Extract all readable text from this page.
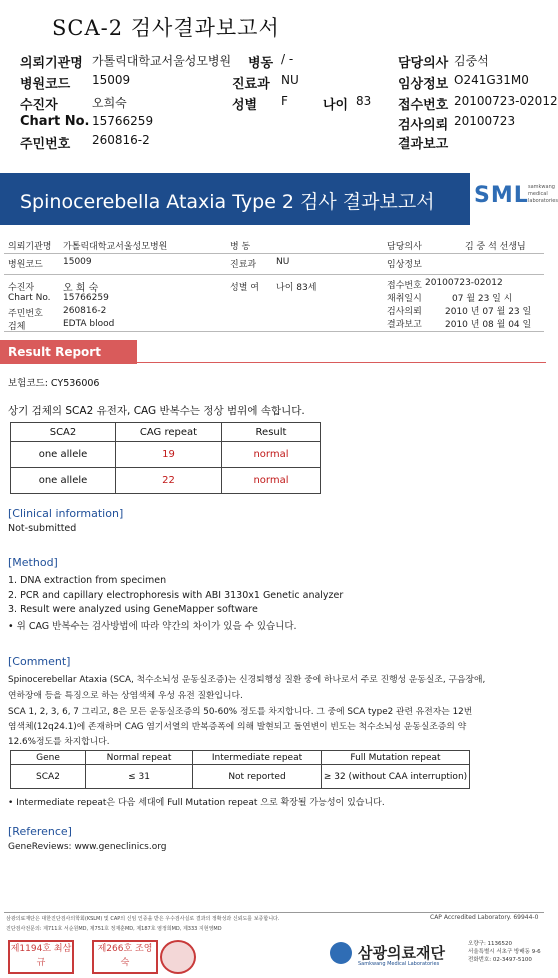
SCA-2 검사결과보고서
의뢰기관명 가톨릭대학교서울성모병원 병동 / -	담당의사 김중석
병원코드 15009	진료과 NU	임상정보 O241G31M0
수진자	오희숙	성별 F	나이 83 접수번호 20100723-02012
Chart No. 15766259	검사의뢰 20100723
주민번호 260816-2	결과보고
Spinocerebella Ataxia Type 2 검사 결과보고서 SML samkwang
medical
laboratories
의뢰기관명 가톨릭대학교서울성모병원
병원코드 15009
수진자	오 희 숙
Chart No. 15766259
주민번호 260816-2
검체	EDTA blood
병 동
진료과 NU
성별 여 나이 83세
담당의사	김 중 석 선생님
임상정보
접수번호 20100723-02012
채취일시	07 월 23 일 시
검사의뢰	2010 년 07 월 23 일
결과보고	2010 년 08 월 04 일
Result Report
보험코드: CY536006
상기 검체의 SCA2 유전자, CAG 반복수는 정상 범위에 속합니다.
SCA2	CAG repeat	Result
one allele	19	normal
one allele	22	normal
[Clinical information]
Not-submitted
[Method]
1. DNA extraction from specimen
2. PCR and capillary electrophoresis with ABI 3130x1 Genetic analyzer
3. Result were analyzed using GeneMapper software
• 위 CAG 반복수는 검사방법에 따라 약간의 차이가 있을 수 있습니다.
[Comment]
Spinocerebellar Ataxia (SCA, 척수소뇌성 운동실조증)는 신경퇴행성 질환 중에 하나로서 주로 진행성 운동실조, 구음장애,
연하장애 등을 특징으로 하는 상염색체 우성 유전 질환입니다.
SCA 1, 2, 3, 6, 7 그리고, 8은 모든 운동실조증의 50-60% 정도를 차지합니다. 그 중에 SCA type2 관련 유전자는 12번
염색체(12q24.1)에 존재하며 CAG 염기서열의 반복증폭에 의해 발현되고 돌연변이 빈도는 척수소뇌성 운동실조증의 약
12.6%정도를 차지합니다.
Gene	Normal repeat	Intermediate repeat	Full Mutation repeat
SCA2	≤ 31	Not reported	≥ 32 (without CAA interruption)
• Intermediate repeat은 다음 세대에 Full Mutation repeat 으로 확장될 가능성이 있습니다.
[Reference]
GeneReviews: www.geneclinics.org
삼광의료재단은 대한진단검사의학회(KSLM) 및 CAP의 신임 인증을 받은 우수검사실로 결과의 정확성과 신뢰도를 보증합니다.
진단검사전문의: 제711호 서순원MD, 제751호 정재훈MD, 제187호 염정희MD, 제333 지현영MD
CAP Accredited Laboratory. 69944-0
제1194호 최삼규
제266호 조영숙
삼광의료재단
Samkwang Medical Laboratories
오량구: 1136520
서울특별시 서초구 방배동 9-6
전화번호: 02-3497-5100
